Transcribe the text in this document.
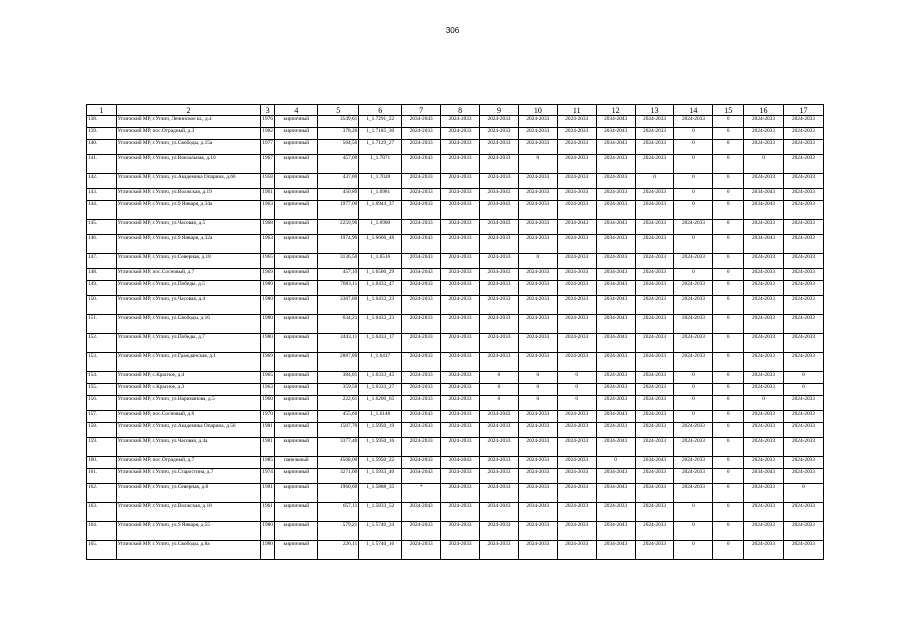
306
1	2	3	4	5	6	7	8	9	10	11	12	13	14	15	16	17
138.	Угличский МР, г.Углич, Ленинское ш., д.4	1976	кирпичный	3549,61	1_1.7291_22	2034-2043	2024-2033	2024-2033	2024-2033	2024-2033	2034-2043	2024-2033	2024-2033	0	2024-2033	2024-2033
139.	Угличский МР, пос.Отрадный, д.3	1982	кирпичный	378,20	1_1.7185_30	2024-2033	2024-2033	2024-2033	2024-2033	2024-2033	2034-2043	2024-2033	0	0	2024-2033	2024-2033
140.	Угличский МР, г.Углич, ул.Свободы, д.15а	1977	кирпичный	564,50	1_1.7129_27	2024-2033	2024-2033	2024-2033	2024-2033	2024-2033	2034-2043	2024-2033	0	0	2024-2033	2024-2033
141.	Угличский МР, г.Углич, ул.Вокзальная, д.10	1967	кирпичный	457,00	1_1.7071	2034-2043	2024-2033	2024-2033	0	2024-2033	2024-2033	2024-2033	0	0	0	2024-2033
142.	Угличский МР, г.Углич, ул.Академика Опарина, д.66	1958	кирпичный	437,80	1_1.7028	2024-2033	2024-2033	2024-2033	2024-2033	2024-2033	2024-2033	0	0	0	2024-2033	2024-2033
143.	Угличский МР, г.Углич, ул.Волжская, д.19	1961	кирпичный	450,80	1_1.6981	2024-2033	2024-2033	2034-2043	2024-2033	2024-2033	2024-2033	2024-2033	0	0	2034-2043	2024-2033
144.	Угличский МР, г.Углич, ул.9 Января, д.34а	1963	кирпичный	1977,00	1_1.6944_37	2024-2033	2024-2033	2034-2043	2024-2033	2024-2033	2024-2033	2024-2033	0	0	2034-2043	2024-2033
145.	Угличский МР, г.Углич, ул.Часовая, д.5	1968	кирпичный	2259,90	1_1.6900	2024-2033	2024-2033	2034-2043	2024-2033	2034-2043	2034-2043	2024-2033	2024-2033	0	2024-2033	2024-2033
146.	Угличский МР, г.Углич, ул.9 Января, д.32а	1963	кирпичный	1974,90	1_1.6666_48	2034-2043	2024-2033	2024-2033	2024-2033	2024-2033	2034-2033	2024-2033	0	0	2034-2043	2024-2033
147.	Угличский МР, г.Углич, ул.Северная, д.18	1965	кирпичный	3136,50	1_1.6516	2034-2043	2024-2033	2024-2033	0	2024-2033	2024-2033	2024-2033	2024-2033	0	2024-2033	2024-2033
148.	Угличский МР, пос.Сосновый, д.7	1969	кирпичный	457,10	1_1.6500_29	2034-2043	2024-2033	2034-2043	2024-2033	2024-2033	2034-2043	2024-2033	0	0	2024-2033	2024-2033
149.	Угличский МР, г.Углич, ул.Победы, д.5	1980	кирпичный	7083,11	1_1.6433_47	2024-2033	2024-2033	2024-2033	2024-2033	2024-2033	2034-2043	2024-2033	2024-2033	0	2024-2033	2024-2033
150.	Угличский МР, г.Углич, ул.Часовая, д.4	1980	кирпичный	3387,80	1_1.6433_23	2024-2033	2024-2033	2024-2033	2024-2033	2024-2033	2034-2043	2024-2033	2024-2033	0	2024-2033	2024-2033
151.	Угличский МР, г.Углич, ул.Свободы, д.16	1980	кирпичный	634,21	1_1.6433_23	2024-2033	2024-2033	2024-2033	2024-2033	2024-2033	2034-2043	2024-2033	2024-2033	0	2024-2033	2024-2033
152.	Угличский МР, г.Углич, ул.Победы, д.7	1980	кирпичный	2443,11	1_1.6433_17	2024-2033	2024-2033	2024-2033	2024-2033	2024-2033	2034-2043	2024-2033	2024-2033	0	2024-2033	2024-2033
153.	Угличский МР, г.Углич, ул.Гражданская, д.1	1969	кирпичный	2887,80	1_1.6417	2024-2033	2024-2033	2024-2033	2024-2033	2024-2033	2024-2033	2024-2033	2024-2033	0	2024-2033	2024-2033
154.	Угличский МР, с.Красное, д.4	1965	кирпичный	384,81	1_1.6333_45	2024-2033	2024-2033	0	0	0	2024-2033	2024-2033	0	0	2024-2033	0
155.	Угличский МР, с.Красное, д.3	1963	кирпичный	359,50	1_1.6333_27	2024-2033	2024-2033	0	0	0	2024-2033	2024-2033	0	0	2024-2033	0
156.	Угличский МР, г.Углич, ул.Нариманова, д.5	1960	кирпичный	222,61	1_1.6200_65	2024-2033	2024-2033	0	0	0	2024-2033	2024-2033	0	0	0	2024-2033
157.	Угличский МР, пос.Сосновый, д.8	1970	кирпичный	455,60	1_1.6148	2034-2043	2024-2033	2034-2043	2024-2033	2024-2033	2034-2043	2024-2033	0	0	2024-2033	2024-2033
158.	Угличский МР, г.Углич, ул.Академика Опарина, д.56	1981	кирпичный	1507,70	1_1.5950_19	2024-2033	2024-2033	2024-2033	2024-2033	2024-2033	2024-2033	2024-2033	2024-2033	0	2024-2033	2024-2033
159.	Угличский МР, г.Углич, ул.Часовая, д.4а	1981	кирпичный	3377,40	1_1.5950_16	2024-2033	2024-2033	2024-2033	2024-2033	2024-2033	2034-2043	2024-2033	2024-2033	0	2024-2033	2024-2033
160.	Угличский МР, пос.Отрадный, д.7	1985	панельный	4568,00	1_1.5950_22	2024-2033	2034-2043	2024-2033	2024-2033	2024-2033	0	2034-2043	2024-2033	0	2024-2033	2024-2033
161.	Угличский МР, г.Углич, ул.Старостина, д.7	1974	кирпичный	3271,00	1_1.5933_40	2034-2043	2024-2033	2024-2033	2024-2033	2024-2033	2034-2043	2024-2033	2024-2033	0	2034-2043	2024-2033
162.	Угличский МР, г.Углич, ул.Северная, д.8	1981	кирпичный	1960,60	1_1.5888_35	*	2024-2033	2024-2033	2024-2033	2024-2033	2034-2043	2024-2033	2024-2033	0	2024-2033	0
163.	Угличский МР, г.Углич, ул.Волжская, д.18	1961	кирпичный	657,11	1_1.5833_52	2034-2043	2024-2033	2034-2043	2034-2043	2024-2033	2024-2033	2024-2033	0	0	2024-2033	2024-2033
164.	Угличский МР, г.Углич, ул.9 Января, д.55	1980	кирпичный	579,21	1_1.5740_24	2024-2033	2024-2033	2024-2033	2024-2033	2024-2033	2034-2043	2024-2033	0	0	2024-2033	2024-2033
165.	Угличский МР, г.Углич, ул.Свободы, д.8а	1980	кирпичный	226,11	1_1.5740_16	2024-2033	2024-2033	2024-2033	2024-2033	2024-2033	2034-2043	2024-2033	0	0	2024-2033	2024-2033
